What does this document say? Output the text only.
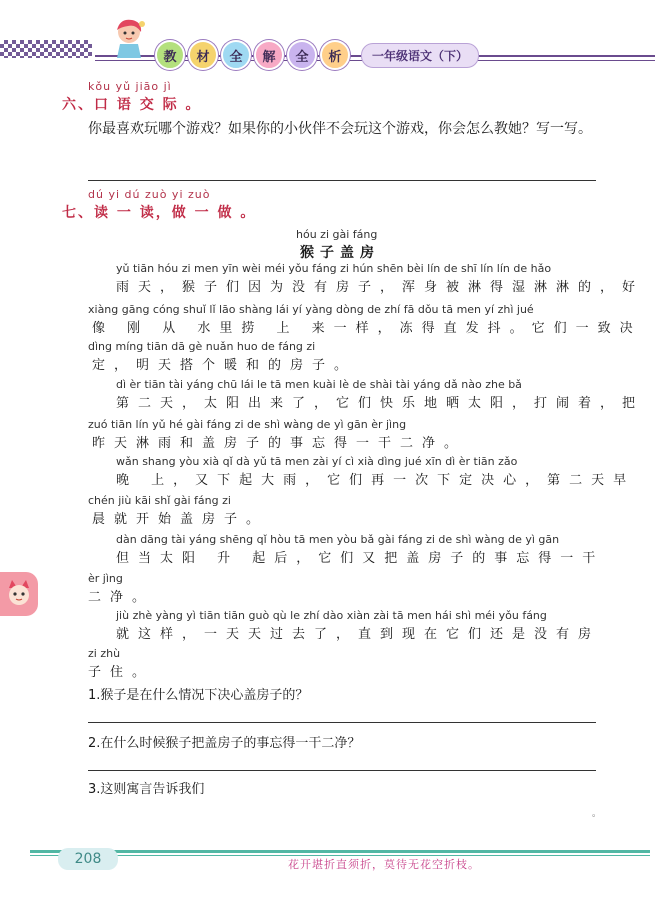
教	材	全	解	全	析	一年级语文（下）
kǒu yǔ jiāo jì
六、口 语 交 际 。
你最喜欢玩哪个游戏？如果你的小伙伴不会玩这个游戏，你会怎么教她？写一写。
dú yi dú zuò yi zuò
七、读 一 读，做 一 做 。
hóu zi gài fáng
猴子盖房
yǔ tiān hóu zi men yīn wèi méi yǒu fáng zi hún shēn bèi lín de shī lín lín de hǎo
雨天，猴子们因为没有房子，浑身被淋得湿淋淋的，好
xiàng gāng cóng shuǐ lǐ lāo shàng lái yí yàng dòng de zhí fā dǒu tā men yí zhì jué
像 刚 从 水里捞 上 来一样，冻得直发抖。它们一致决
dìng míng tiān dā gè nuǎn huo de fáng zi
定，明天搭个暖和的房子。
dì èr tiān tài yáng chū lái le tā men kuài lè de shài tài yáng dǎ nào zhe bǎ
第二天，太阳出来了，它们快乐地晒太阳，打闹着，把
zuó tiān lín yǔ hé gài fáng zi de shì wàng de yì gān èr jìng
昨天淋雨和盖房子的事忘得一干二净。
wǎn shang yòu xià qǐ dà yǔ tā men zài yí cì xià dìng jué xīn dì èr tiān zǎo
晚 上，又下起大雨，它们再一次下定决心，第二天早
chén jiù kāi shǐ gài fáng zi
晨就开始盖房子。
dàn dāng tài yáng shēng qǐ hòu tā men yòu bǎ gài fáng zi de shì wàng de yì gān
但当太阳 升 起后，它们又把盖房子的事忘得一干
èr jìng
二净。
jiù zhè yàng yì tiān tiān guò qù le zhí dào xiàn zài tā men hái shì méi yǒu fáng
就这样，一天天过去了，直到现在它们还是没有房
zi zhù
子住。
1.猴子是在什么情况下决心盖房子的？
2.在什么时候猴子把盖房子的事忘得一干二净？
3.这则寓言告诉我们
。
208	花开堪折直须折，莫待无花空折枝。
